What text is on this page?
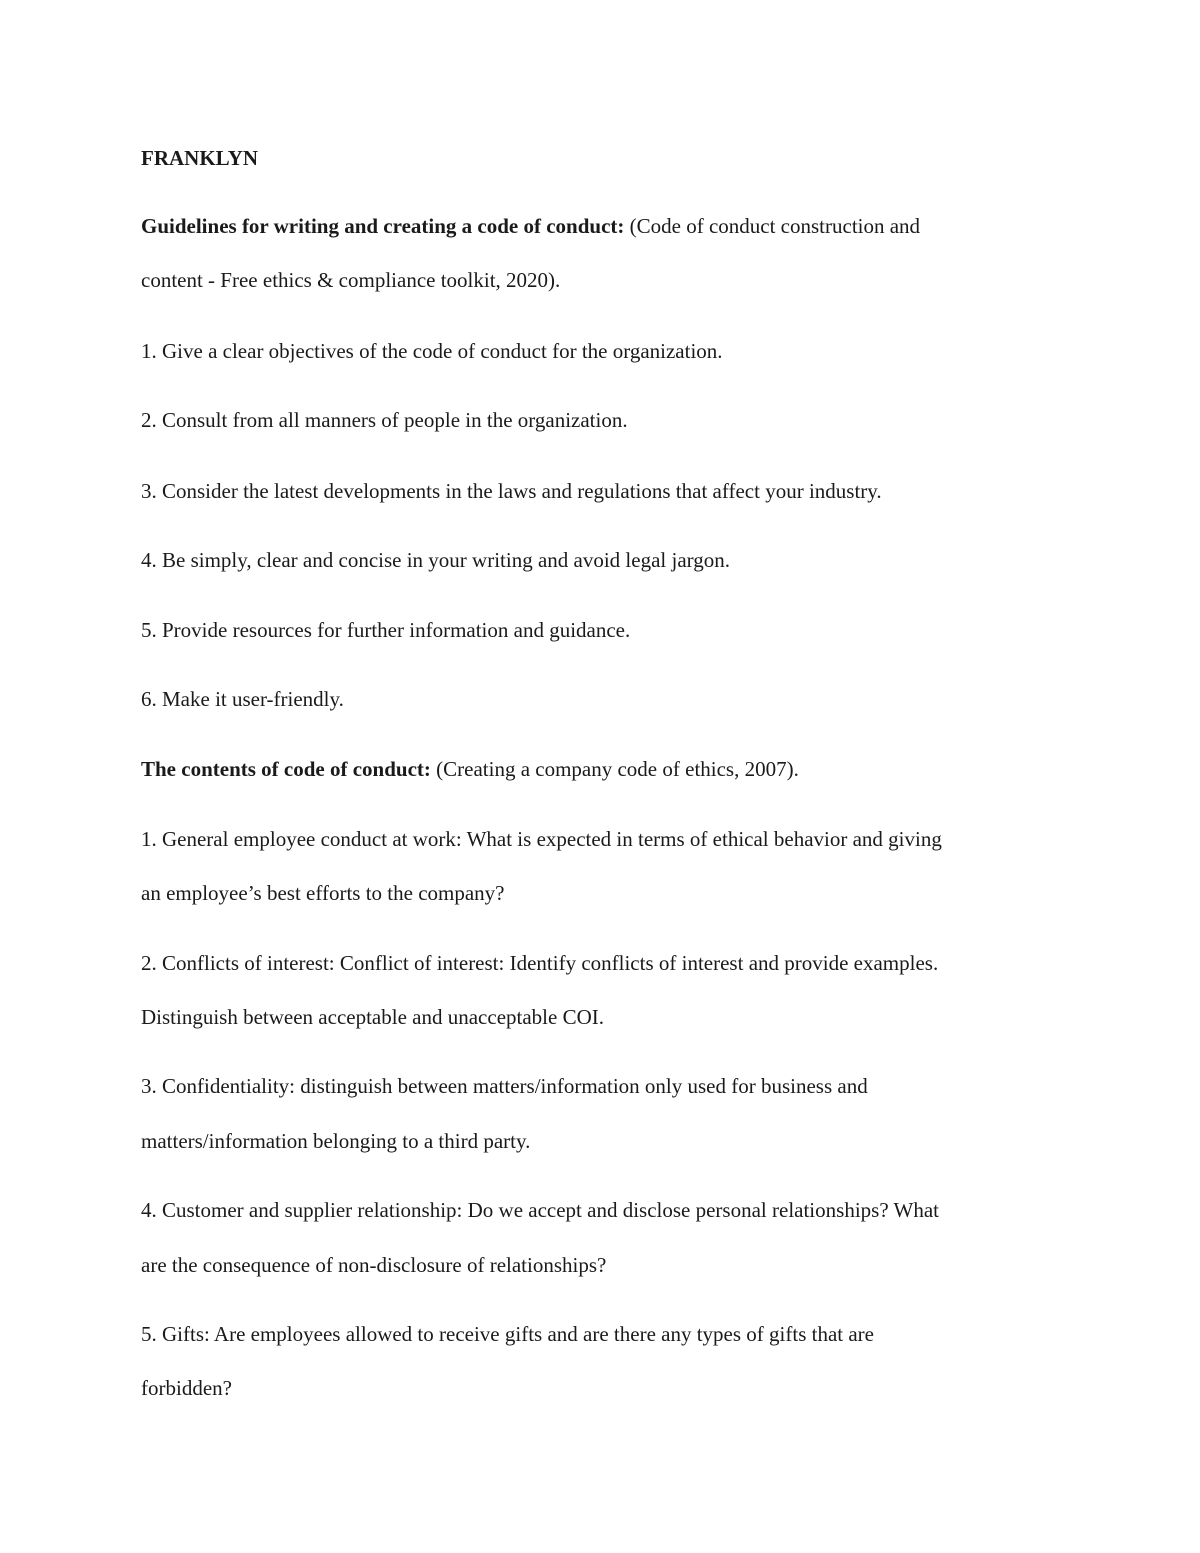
FRANKLYN

Guidelines for writing and creating a code of conduct: (Code of conduct construction and

content - Free ethics & compliance toolkit, 2020).

1. Give a clear objectives of the code of conduct for the organization.

2. Consult from all manners of people in the organization.

3. Consider the latest developments in the laws and regulations that affect your industry.

4. Be simply, clear and concise in your writing and avoid legal jargon.

5. Provide resources for further information and guidance.

6. Make it user-friendly.

The contents of code of conduct: (Creating a company code of ethics, 2007).

1. General employee conduct at work: What is expected in terms of ethical behavior and giving

an employee’s best efforts to the company?

2. Conflicts of interest: Conflict of interest: Identify conflicts of interest and provide examples.

Distinguish between acceptable and unacceptable COI.

3. Confidentiality: distinguish between matters/information only used for business and

matters/information belonging to a third party.

4. Customer and supplier relationship: Do we accept and disclose personal relationships? What

are the consequence of non-disclosure of relationships?

5. Gifts: Are employees allowed to receive gifts and are there any types of gifts that are

forbidden?
